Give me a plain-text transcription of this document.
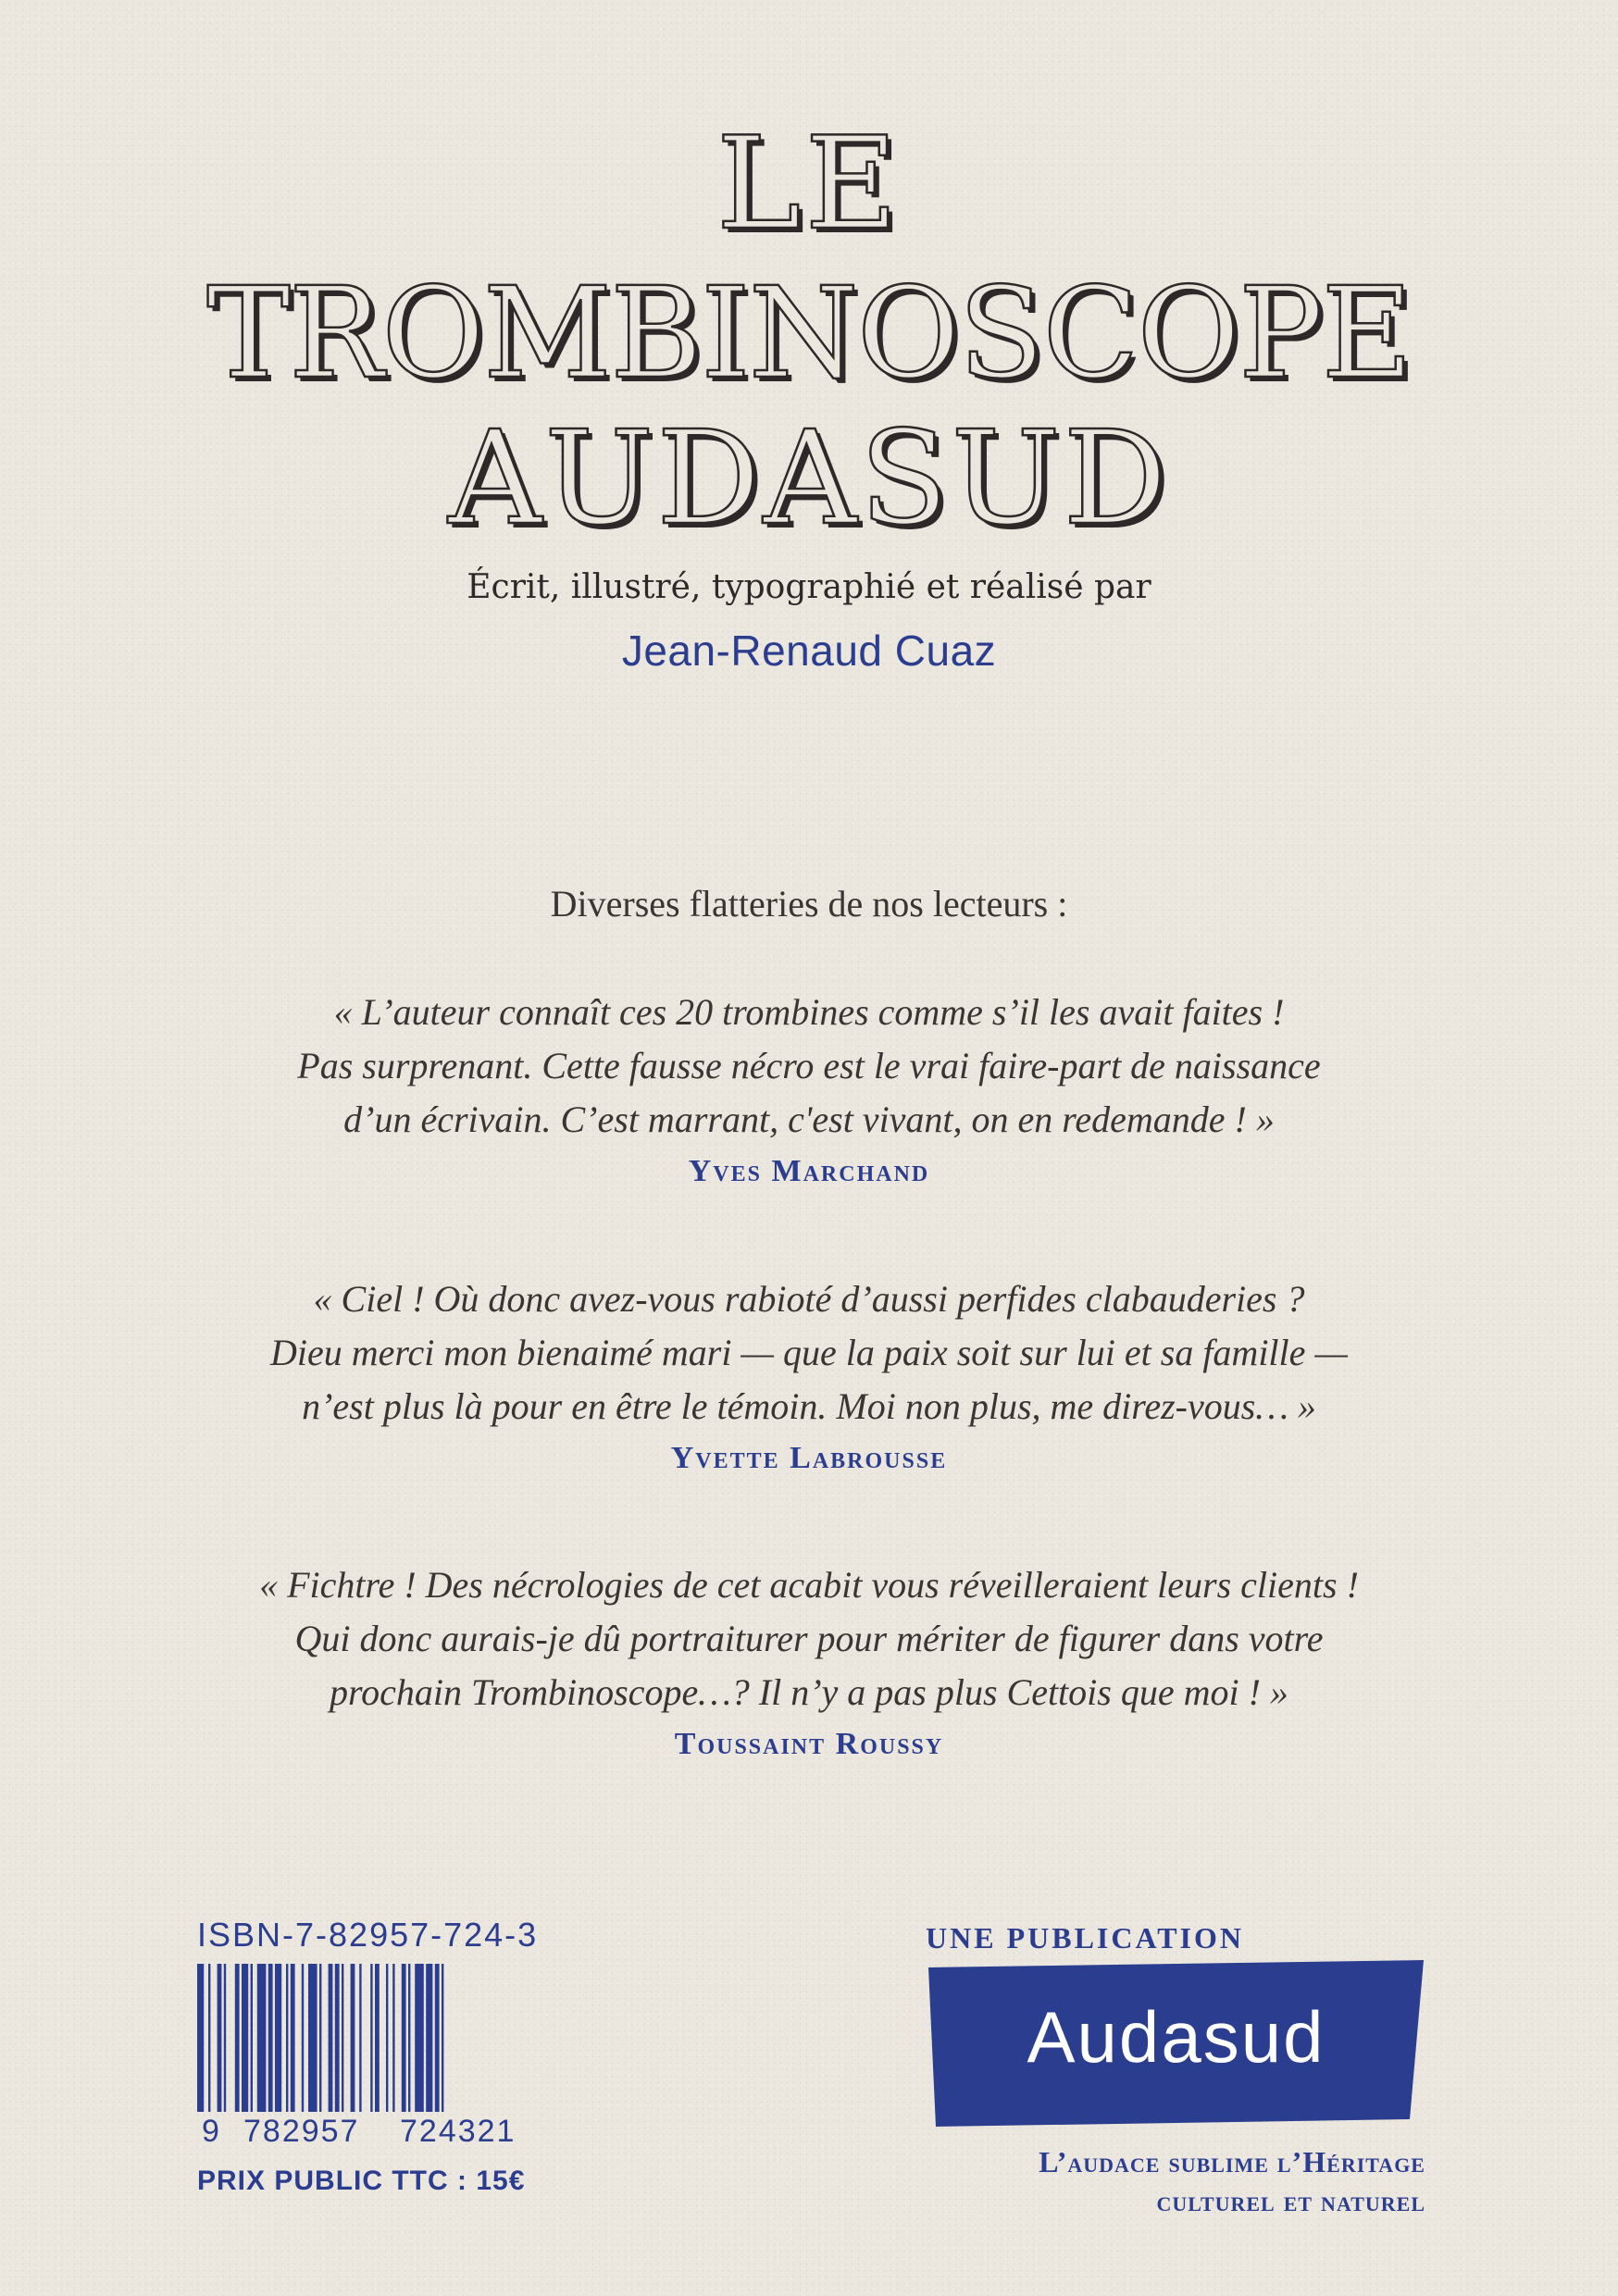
LE
TROMBINOSCOPE
AUDASUD
Écrit, illustré, typographié et réalisé par
Jean-Renaud Cuaz
Diverses flatteries de nos lecteurs :
« L’auteur connaît ces 20 trombines comme s’il les avait faites !
Pas surprenant. Cette fausse nécro est le vrai faire-part de naissance
d’un écrivain. C’est marrant, c'est vivant, on en redemande ! »
Yves Marchand
« Ciel ! Où donc avez-vous rabioté d’aussi perfides clabauderies ?
Dieu merci mon bienaimé mari — que la paix soit sur lui et sa famille —
n’est plus là pour en être le témoin. Moi non plus, me direz-vous… »
Yvette Labrousse
« Fichtre ! Des nécrologies de cet acabit vous réveilleraient leurs clients !
Qui donc aurais-je dû portraiturer pour mériter de figurer dans votre
prochain Trombinoscope…? Il n’y a pas plus Cettois que moi ! »
Toussaint Roussy
ISBN-7-82957-724-3
9 782957 724321
PRIX PUBLIC TTC : 15€
UNE PUBLICATION
Audasud
L’audace sublime l’Héritage
culturel et naturel
